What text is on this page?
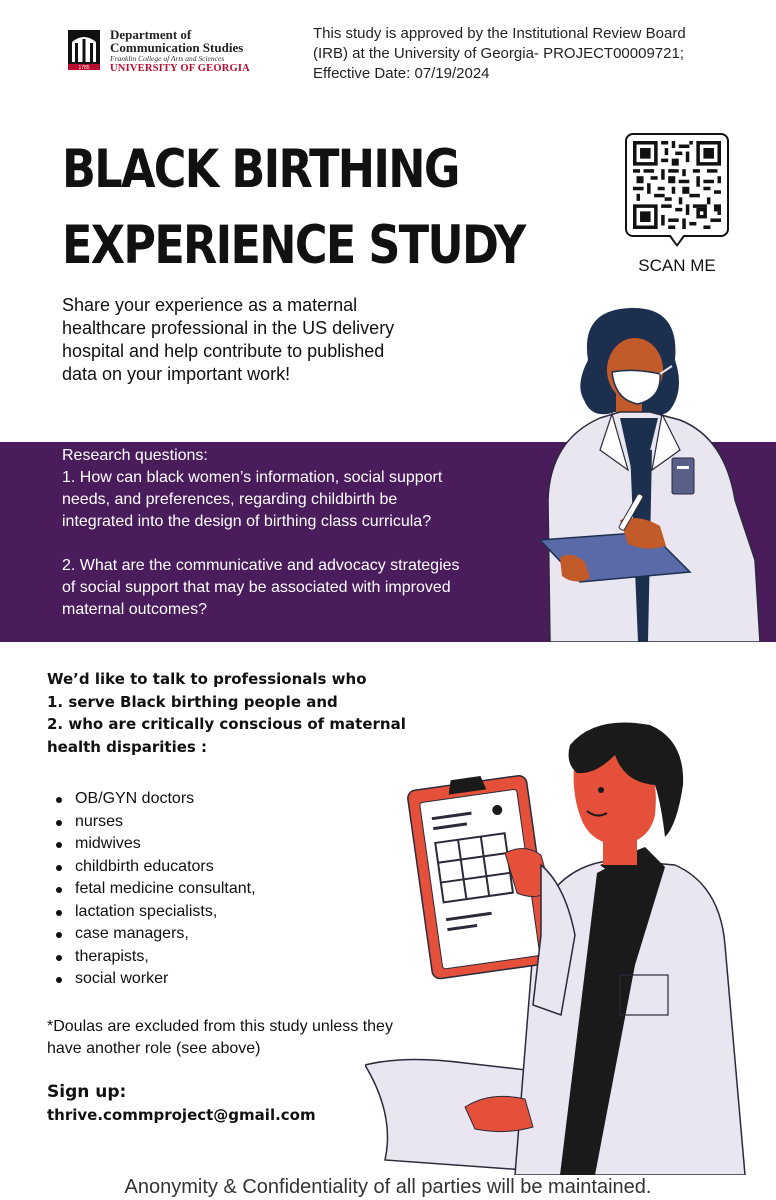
1785
Department of
Communication Studies
Franklin College of Arts and Sciences
UNIVERSITY OF GEORGIA
This study is approved by the Institutional Review Board
(IRB) at the University of Georgia- PROJECT00009721;
Effective Date: 07/19/2024
BLACK BIRTHING
EXPERIENCE STUDY	SCAN ME
Share your experience as a maternal
healthcare professional in the US delivery
hospital and help contribute to published
data on your important work!

Research questions:

1. How can black women’s information, social support

needs, and preferences, regarding childbirth be

integrated into the design of birthing class curricula?

2. What are the communicative and advocacy strategies

of social support that may be associated with improved

maternal outcomes?

We’d like to talk to professionals who
1. serve Black birthing people and
2. who are critically conscious of maternal
health disparities :
OB/GYN doctors
nurses
midwives
childbirth educators
fetal medicine consultant,
lactation specialists,
case managers,
therapists,
social worker
*Doulas are excluded from this study unless they
have another role (see above)
Sign up:
thrive.commproject@gmail.com
Anonymity & Confidentiality of all parties will be maintained.
